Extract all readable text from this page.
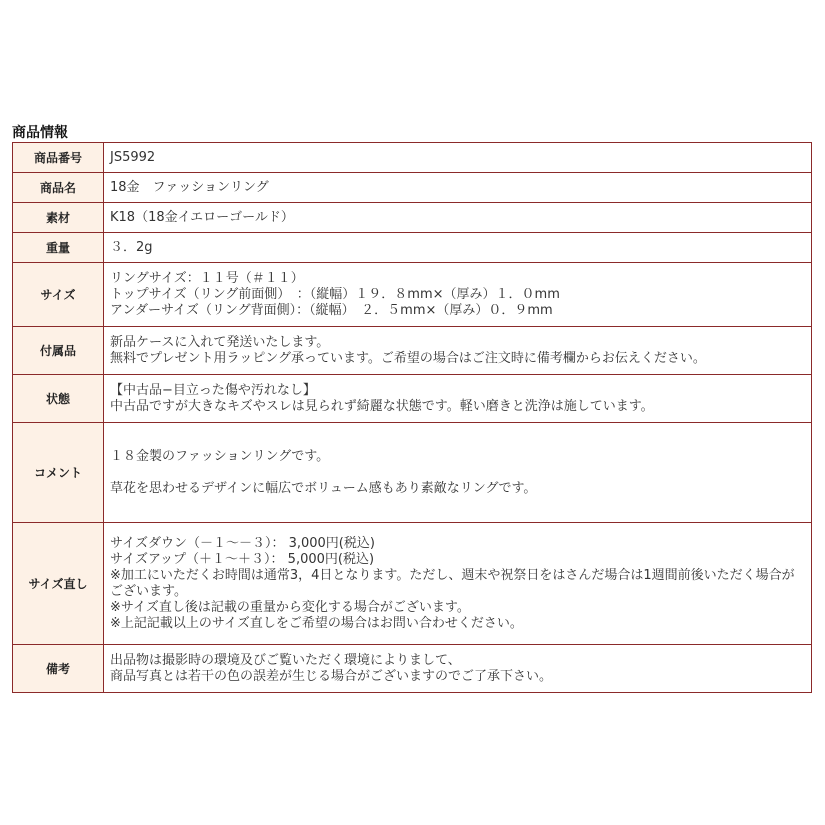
商品情報
商品番号	JS5992
商品名	18金　ファッションリング
素材	K18（18金イエローゴールド）
重量	３．2g
サイズ	リングサイズ：１１号（＃１１）
トップサイズ（リング前面側）　：（縦幅）１９．８mm×（厚み）１．０mm
アンダーサイズ（リング背面側）：（縦幅）　２．５mm×（厚み）０．９mm

付属品	新品ケースに入れて発送いたします。
無料でプレゼント用ラッピング承っています。ご希望の場合はご注文時に備考欄からお伝えください。

状態	【中古品−目立った傷や汚れなし】
中古品ですが大きなキズやスレは見られず綺麗な状態です。軽い磨きと洗浄は施しています。

コメント	１８金製のファッションリングです。
草花を思わせるデザインに幅広でボリューム感もあり素敵なリングです。

サイズ直し	サイズダウン（－１～－３）： 3,000円(税込)
サイズアップ（＋１～＋３）： 5,000円(税込)
※加工にいただくお時間は通常3，4日となります。ただし、週末や祝祭日をはさんだ場合は1週間前後いただく場合がございます。
※サイズ直し後は記載の重量から変化する場合がございます。
※上記記載以上のサイズ直しをご希望の場合はお問い合わせください。

備考	出品物は撮影時の環境及びご覧いただく環境によりまして、
商品写真とは若干の色の誤差が生じる場合がございますのでご了承下さい。
